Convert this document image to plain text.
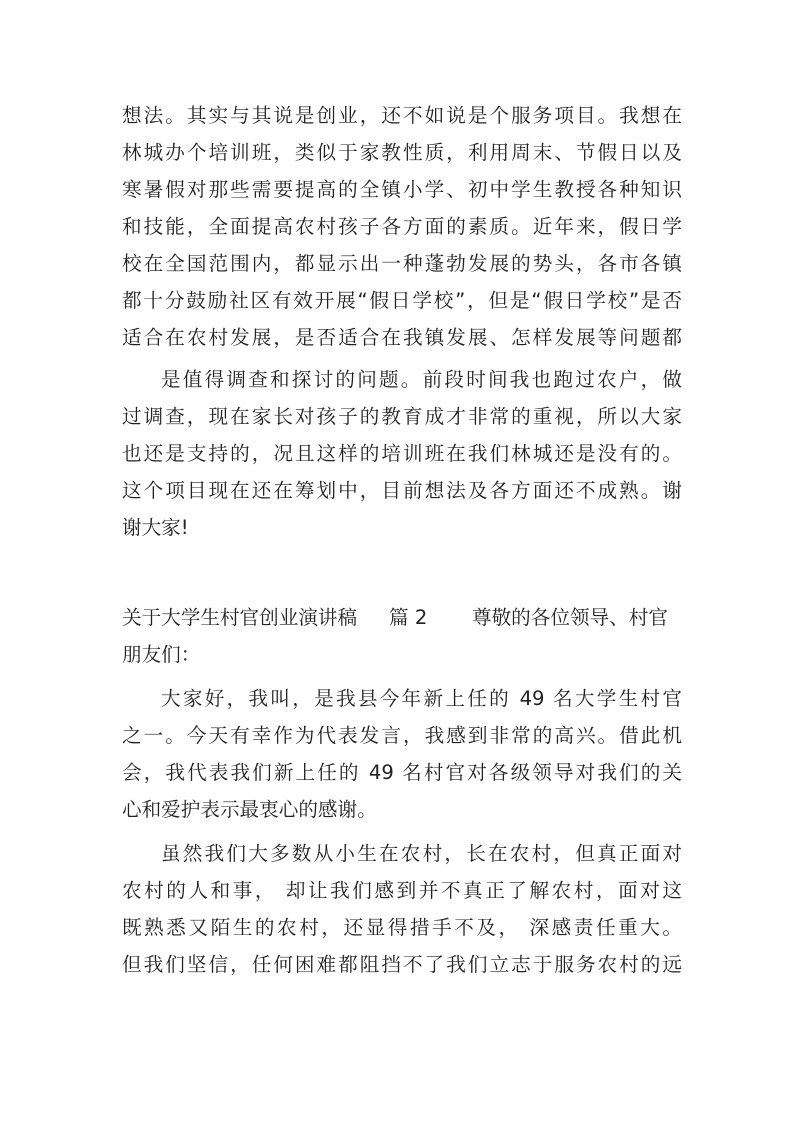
想法。其实与其说是创业，还不如说是个服务项目。我想在
林城办个培训班，类似于家教性质，利用周末、节假日以及
寒暑假对那些需要提高的全镇小学、初中学生教授各种知识
和技能，全面提高农村孩子各方面的素质。近年来，假日学
校在全国范围内，都显示出一种蓬勃发展的势头，各市各镇
都十分鼓励社区有效开展“假日学校”，但是“假日学校”是否
适合在农村发展，是否适合在我镇发展、怎样发展等问题都
是值得调查和探讨的问题。前段时间我也跑过农户，做
过调查，现在家长对孩子的教育成才非常的重视，所以大家
也还是支持的，况且这样的培训班在我们林城还是没有的。
这个项目现在还在筹划中，目前想法及各方面还不成熟。谢
谢大家!
关于大学生村官创业演讲稿 篇 2 尊敬的各位领导、村官
朋友们：
大家好，我叫，是我县今年新上任的 49 名大学生村官
之一。今天有幸作为代表发言，我感到非常的高兴。借此机
会，我代表我们新上任的 49 名村官对各级领导对我们的关
心和爱护表示最衷心的感谢。
虽然我们大多数从小生在农村，长在农村，但真正面对
农村的人和事， 却让我们感到并不真正了解农村，面对这
既熟悉又陌生的农村，还显得措手不及， 深感责任重大。
但我们坚信，任何困难都阻挡不了我们立志于服务农村的远
